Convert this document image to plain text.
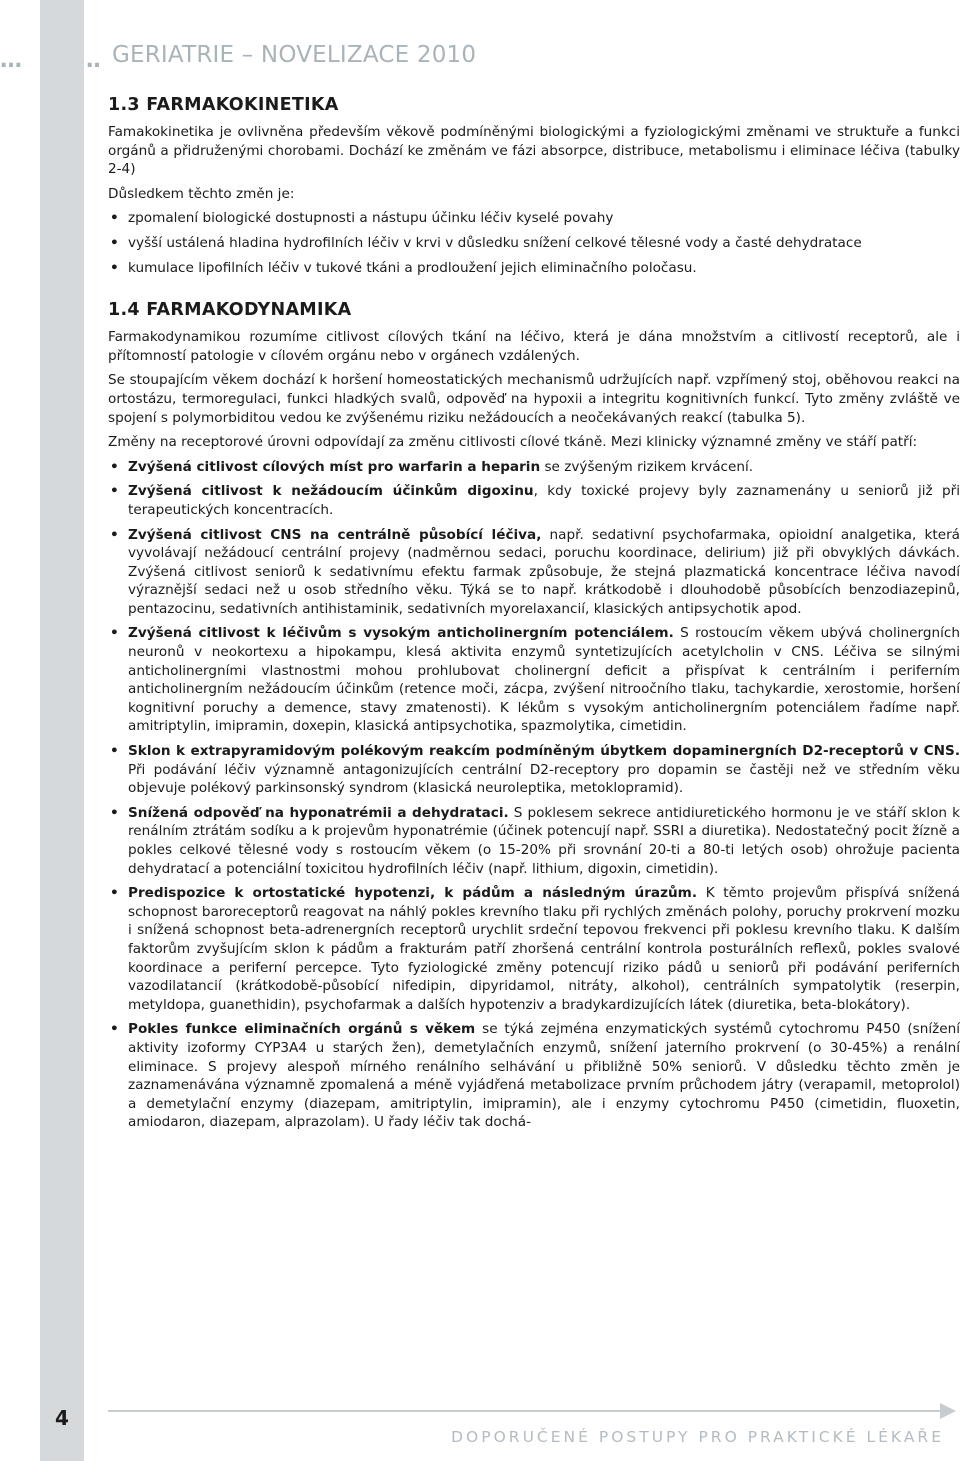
4
…	‥ GERIATRIE – NOVELIZACE 2010
1.3 FARMAKOKINETIKA

Famakokinetika je ovlivněna především věkově podmíněnými biologickými a fyziologickými změnami ve struktuře a funkci orgánů a přidruženými chorobami. Dochází ke změnám ve fázi absorpce, distribuce, metabolismu i eliminace léčiva (tabulky 2-4)

Důsledkem těchto změn je:

• zpomalení biologické dostupnosti a nástupu účinku léčiv kyselé povahy
• vyšší ustálená hladina hydrofilních léčiv v krvi v důsledku snížení celkové tělesné vody a časté dehydratace
• kumulace lipofilních léčiv v tukové tkáni a prodloužení jejich eliminačního poločasu.
1.4 FARMAKODYNAMIKA

Farmakodynamikou rozumíme citlivost cílových tkání na léčivo, která je dána množstvím a citlivostí receptorů, ale i přítomností patologie v cílovém orgánu nebo v orgánech vzdálených.

Se stoupajícím věkem dochází k horšení homeostatických mechanismů udržujících např. vzpřímený stoj, oběhovou reakci na ortostázu, termoregulaci, funkci hladkých svalů, odpověď na hypoxii a integritu kognitivních funkcí. Tyto změny zvláště ve spojení s polymorbiditou vedou ke zvýšenému riziku nežádoucích a neočekávaných reakcí (tabulka 5).

Změny na receptorové úrovni odpovídají za změnu citlivosti cílové tkáně. Mezi klinicky významné změny ve stáří patří:

• Zvýšená citlivost cílových míst pro warfarin a heparin se zvýšeným rizikem krvácení.
• Zvýšená citlivost k nežádoucím účinkům digoxinu, kdy toxické projevy byly zaznamenány u seniorů již při terapeutických koncentracích.
• Zvýšená citlivost CNS na centrálně působící léčiva, např. sedativní psychofarmaka, opioidní analgetika, která vyvolávají nežádoucí centrální projevy (nadměrnou sedaci, poruchu koordinace, delirium) již při obvyklých dávkách. Zvýšená citlivost seniorů k sedativnímu efektu farmak způsobuje, že stejná plazmatická koncentrace léčiva navodí výraznější sedaci než u osob středního věku. Týká se to např. krátkodobě i dlouhodobě působících benzodiazepinů, pentazocinu, sedativních antihistaminik, sedativních myorelaxancií, klasických antipsychotik apod.
• Zvýšená citlivost k léčivům s vysokým anticholinergním potenciálem. S rostoucím věkem ubývá cholinergních neuronů v neokortexu a hipokampu, klesá aktivita enzymů syntetizujících acetylcholin v CNS. Léčiva se silnými anticholinergními vlastnostmi mohou prohlubovat cholinergní deficit a přispívat k centrálním i periferním anticholinergním nežádoucím účinkům (retence moči, zácpa, zvýšení nitroočního tlaku, tachykardie, xerostomie, horšení kognitivní poruchy a demence, stavy zmatenosti). K lékům s vysokým anticholinergním potenciálem řadíme např. amitriptylin, imipramin, doxepin, klasická antipsychotika, spazmolytika, cimetidin.
• Sklon k extrapyramidovým polékovým reakcím podmíněným úbytkem dopaminergních D2-receptorů v CNS. Při podávání léčiv významně antagonizujících centrální D2-receptory pro dopamin se častěji než ve středním věku objevuje polékový parkinsonský syndrom (klasická neuroleptika, metoklopramid).
• Snížená odpověď na hyponatrémii a dehydrataci. S poklesem sekrece antidiuretického hormonu je ve stáří sklon k renálním ztrátám sodíku a k projevům hyponatrémie (účinek potencují např. SSRI a diuretika). Nedostatečný pocit žízně a pokles celkové tělesné vody s rostoucím věkem (o 15-20% při srovnání 20-ti a 80-ti letých osob) ohrožuje pacienta dehydratací a potenciální toxicitou hydrofilních léčiv (např. lithium, digoxin, cimetidin).
• Predispozice k ortostatické hypotenzi, k pádům a následným úrazům. K těmto projevům přispívá snížená schopnost baroreceptorů reagovat na náhlý pokles krevního tlaku při rychlých změnách polohy, poruchy prokrvení mozku i snížená schopnost beta-adrenergních receptorů urychlit srdeční tepovou frekvenci při poklesu krevního tlaku. K dalším faktorům zvyšujícím sklon k pádům a frakturám patří zhoršená centrální kontrola posturálních reflexů, pokles svalové koordinace a periferní percepce. Tyto fyziologické změny potencují riziko pádů u seniorů při podávání periferních vazodilatancií (krátkodobě-působící nifedipin, dipyridamol, nitráty, alkohol), centrálních sympatolytik (reserpin, metyldopa, guanethidin), psychofarmak a dalších hypotenziv a bradykardizujících látek (diuretika, beta-blokátory).
• Pokles funkce eliminačních orgánů s věkem se týká zejména enzymatických systémů cytochromu P450 (snížení aktivity izoformy CYP3A4 u starých žen), demetylačních enzymů, snížení jaterního prokrvení (o 30-45%) a renální eliminace. S projevy alespoň mírného renálního selhávání u přibližně 50% seniorů. V důsledku těchto změn je zaznamenávána významně zpomalená a méně vyjádřená metabolizace prvním průchodem játry (verapamil, metoprolol) a demetylační enzymy (diazepam, amitriptylin, imipramin), ale i enzymy cytochromu P450 (cimetidin, fluoxetin, amiodaron, diazepam, alprazolam). U řady léčiv tak dochá-
DOPORUČENÉ POSTUPY PRO PRAKTICKÉ LÉKAŘE
